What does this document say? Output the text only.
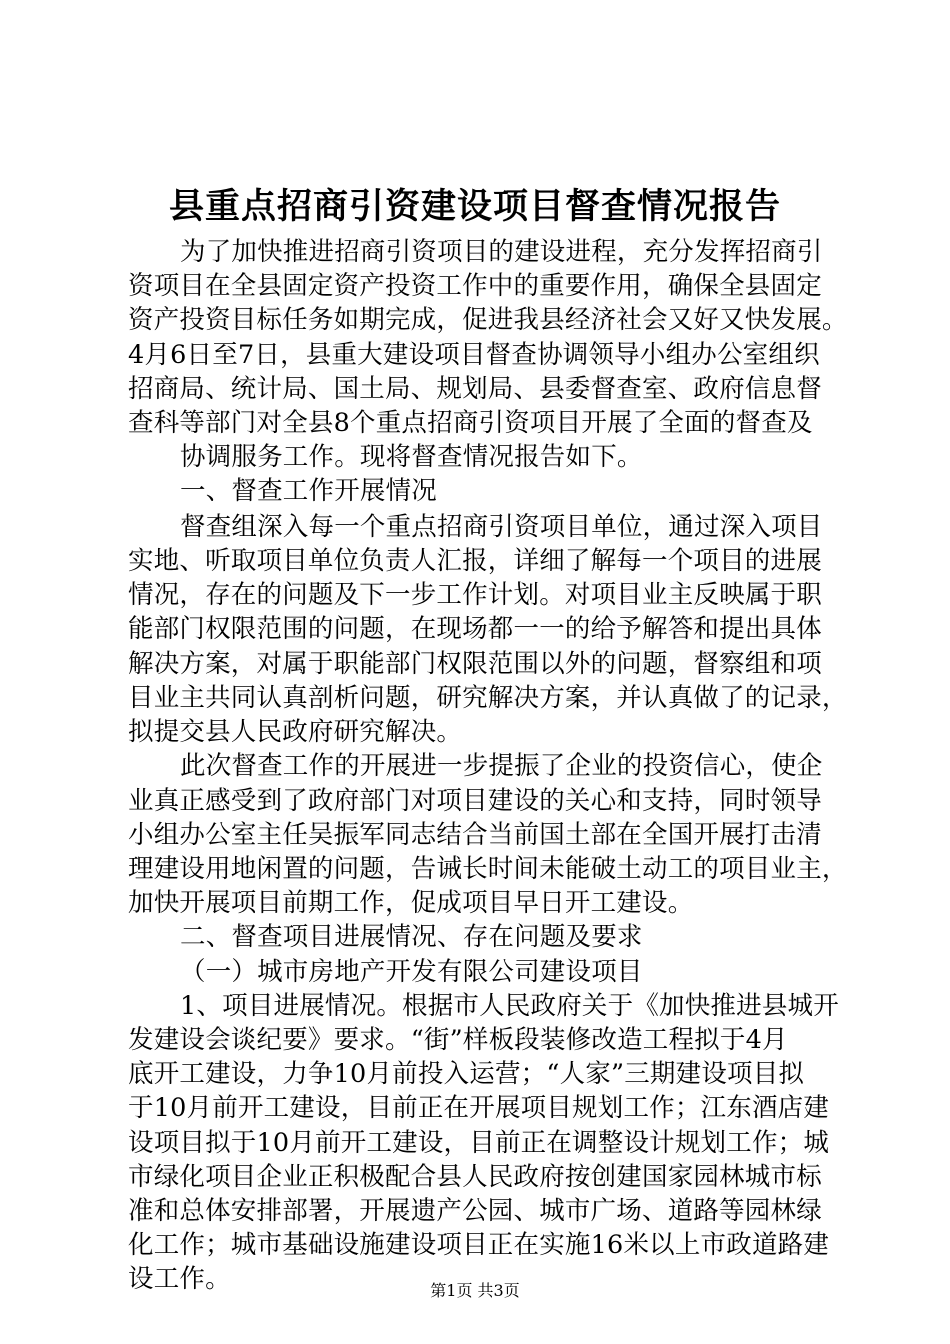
县重点招商引资建设项目督查情况报告
为了加快推进招商引资项目的建设进程，充分发挥招商引
资项目在全县固定资产投资工作中的重要作用，确保全县固定
资产投资目标任务如期完成，促进我县经济社会又好又快发展。
4月6日至7日，县重大建设项目督查协调领导小组办公室组织
招商局、统计局、国土局、规划局、县委督查室、政府信息督
查科等部门对全县8个重点招商引资项目开展了全面的督查及
协调服务工作。现将督查情况报告如下。
一、督查工作开展情况
督查组深入每一个重点招商引资项目单位，通过深入项目
实地、听取项目单位负责人汇报，详细了解每一个项目的进展
情况，存在的问题及下一步工作计划。对项目业主反映属于职
能部门权限范围的问题，在现场都一一的给予解答和提出具体
解决方案，对属于职能部门权限范围以外的问题，督察组和项
目业主共同认真剖析问题，研究解决方案，并认真做了的记录，
拟提交县人民政府研究解决。
此次督查工作的开展进一步提振了企业的投资信心，使企
业真正感受到了政府部门对项目建设的关心和支持，同时领导
小组办公室主任吴振军同志结合当前国土部在全国开展打击清
理建设用地闲置的问题，告诫长时间未能破土动工的项目业主，
加快开展项目前期工作，促成项目早日开工建设。
二、督查项目进展情况、存在问题及要求
（一）城市房地产开发有限公司建设项目
1、项目进展情况。根据市人民政府关于《加快推进县城开
发建设会谈纪要》要求。“街”样板段装修改造工程拟于4月
底开工建设，力争10月前投入运营；“人家”三期建设项目拟
于10月前开工建设，目前正在开展项目规划工作；江东酒店建
设项目拟于10月前开工建设，目前正在调整设计规划工作；城
市绿化项目企业正积极配合县人民政府按创建国家园林城市标
准和总体安排部署，开展遗产公园、城市广场、道路等园林绿
化工作；城市基础设施建设项目正在实施16米以上市政道路建
设工作。	第1页 共3页
